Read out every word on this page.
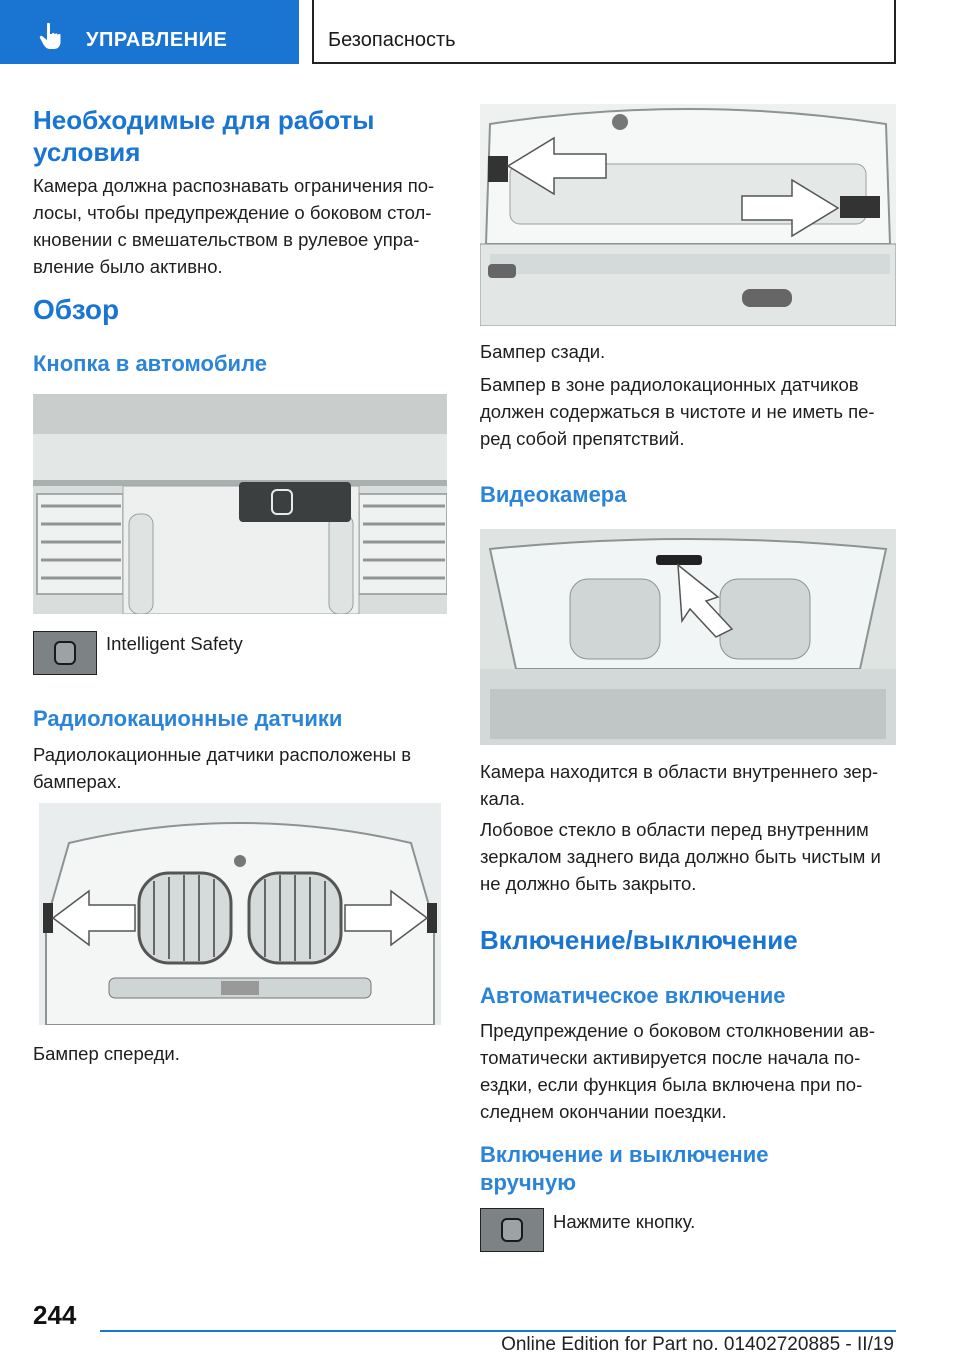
УПРАВЛЕНИЕ	Безопасность
Необходимые для работы условия
Камера должна распознавать ограничения по-
лосы, чтобы предупреждение о боковом стол-
кновении с вмешательством в рулевое упра-
вление было активно.
Обзор
Кнопка в автомобиле
Intelligent Safety
Радиолокационные датчики
Радиолокационные датчики расположены в
бамперах.
Бампер спереди.
Бампер сзади.
Бампер в зоне радиолокационных датчиков
должен содержаться в чистоте и не иметь пе-
ред собой препятствий.
Видеокамера
Камера находится в области внутреннего зер-
кала.
Лобовое стекло в области перед внутренним
зеркалом заднего вида должно быть чистым и
не должно быть закрыто.
Включение/выключение
Автоматическое включение
Предупреждение о боковом столкновении ав-
томатически активируется после начала по-
ездки, если функция была включена при по-
следнем окончании поездки.
Включение и выключение
вручную
Нажмите кнопку.
244
Online Edition for Part no. 01402720885 - II/19
